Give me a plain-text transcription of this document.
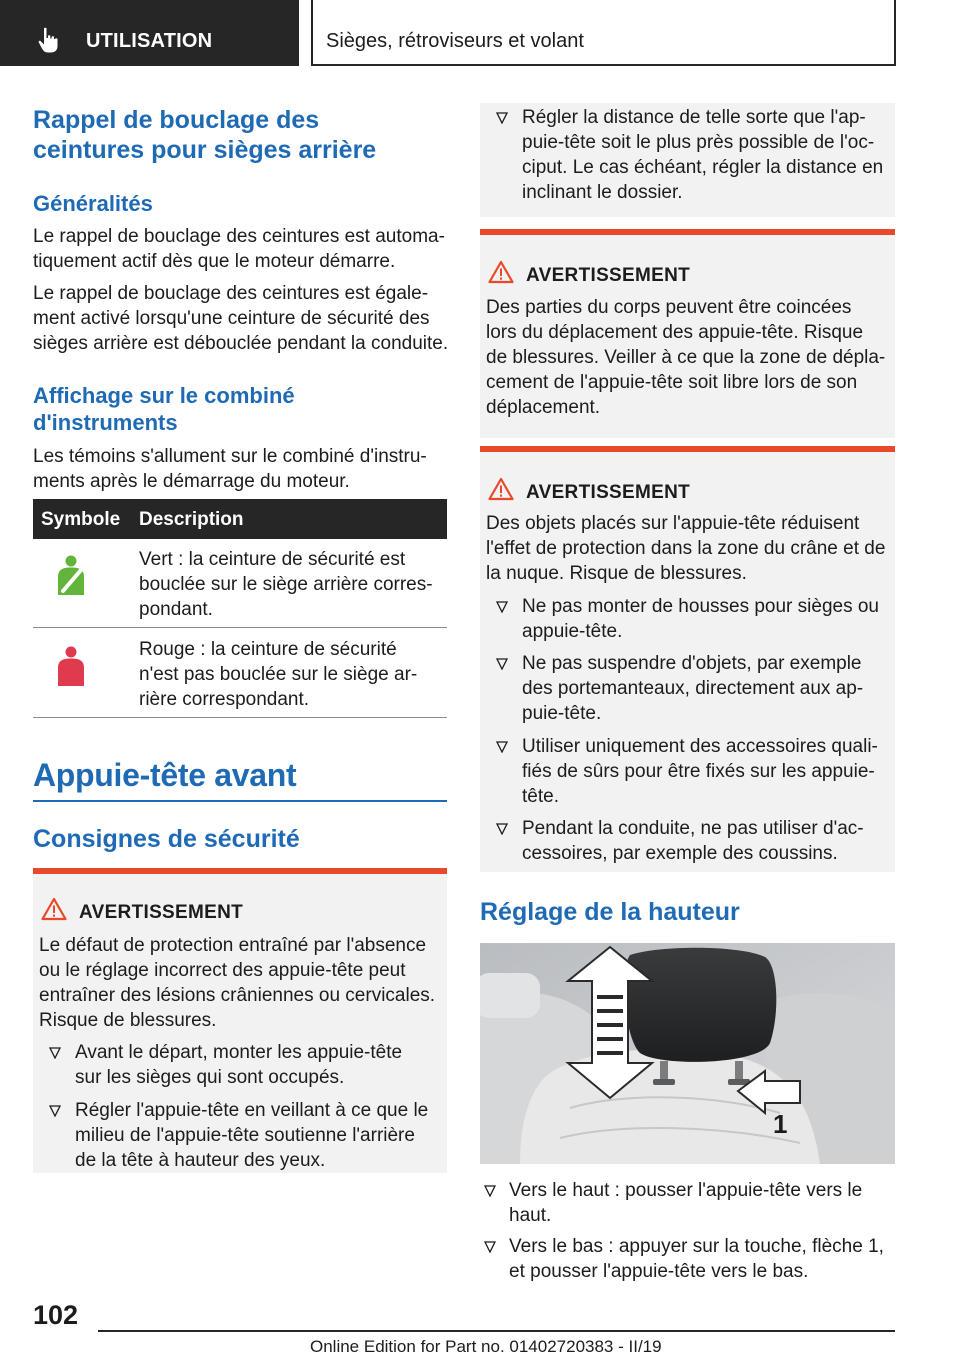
UTILISATION	Sièges, rétroviseurs et volant
Rappel de bouclage des
ceintures pour sièges arrière
Généralités

Le rappel de bouclage des ceintures est automa-
tiquement actif dès que le moteur démarre.

Le rappel de bouclage des ceintures est égale-
ment activé lorsqu'une ceinture de sécurité des
sièges arrière est débouclée pendant la conduite.

Affichage sur le combiné
d'instruments

Les témoins s'allument sur le combiné d'instru-
ments après le démarrage du moteur.

Symbole Description
Vert : la ceinture de sécurité est
bouclée sur le siège arrière corres-
pondant.
Rouge : la ceinture de sécurité
n'est pas bouclée sur le siège ar-
rière correspondant.
Appuie-tête avant
Consignes de sécurité
AVERTISSEMENT

Le défaut de protection entraîné par l'absence
ou le réglage incorrect des appuie-tête peut
entraîner des lésions crâniennes ou cervicales.
Risque de blessures.

Avant le départ, monter les appuie-tête
sur les sièges qui sont occupés.
Régler l'appuie-tête en veillant à ce que le
milieu de l'appuie-tête soutienne l'arrière
de la tête à hauteur des yeux.
Régler la distance de telle sorte que l'ap-
puie-tête soit le plus près possible de l'oc-
ciput. Le cas échéant, régler la distance en
inclinant le dossier.
AVERTISSEMENT

Des parties du corps peuvent être coincées
lors du déplacement des appuie-tête. Risque
de blessures. Veiller à ce que la zone de dépla-
cement de l'appuie-tête soit libre lors de son
déplacement.

AVERTISSEMENT

Des objets placés sur l'appuie-tête réduisent
l'effet de protection dans la zone du crâne et de
la nuque. Risque de blessures.

Ne pas monter de housses pour sièges ou
appuie-tête.
Ne pas suspendre d'objets, par exemple
des portemanteaux, directement aux ap-
puie-tête.
Utiliser uniquement des accessoires quali-
fiés de sûrs pour être fixés sur les appuie-
tête.
Pendant la conduite, ne pas utiliser d'ac-
cessoires, par exemple des coussins.
Réglage de la hauteur
1
Vers le haut : pousser l'appuie-tête vers le
haut.
Vers le bas : appuyer sur la touche, flèche 1,
et pousser l'appuie-tête vers le bas.
102
Online Edition for Part no. 01402720383 - II/19
